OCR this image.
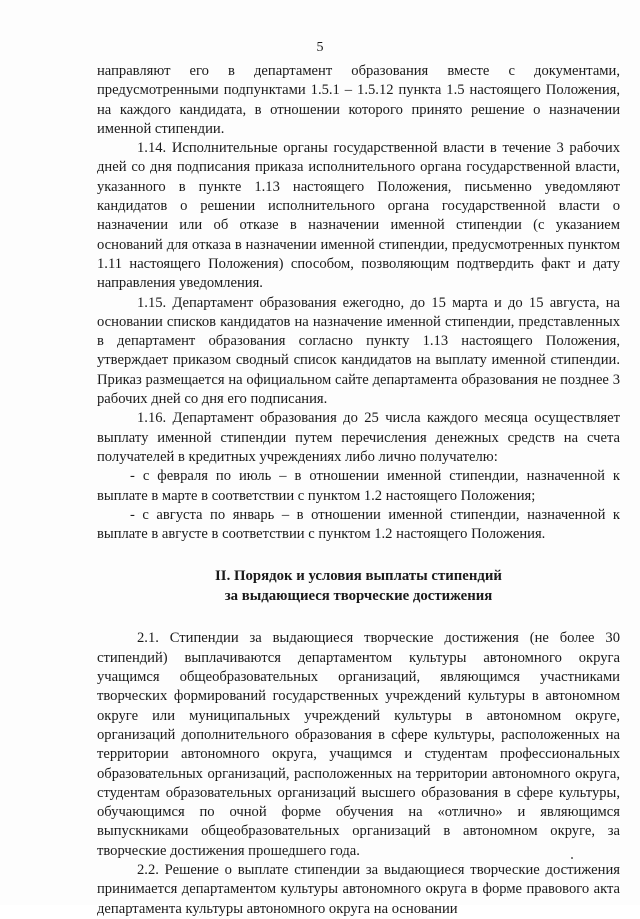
5

направляют его в департамент образования вместе с документами, предусмотренными подпунктами 1.5.1 – 1.5.12 пункта 1.5 настоящего Положения, на каждого кандидата, в отношении которого принято решение о назначении именной стипендии.

1.14. Исполнительные органы государственной власти в течение 3 рабочих дней со дня подписания приказа исполнительного органа государственной власти, указанного в пункте 1.13 настоящего Положения, письменно уведомляют кандидатов о решении исполнительного органа государственной власти о назначении или об отказе в назначении именной стипендии (с указанием оснований для отказа в назначении именной стипендии, предусмотренных пунктом 1.11 настоящего Положения) способом, позволяющим подтвердить факт и дату направления уведомления.

1.15. Департамент образования ежегодно, до 15 марта и до 15 августа, на основании списков кандидатов на назначение именной стипендии, представленных в департамент образования согласно пункту 1.13 настоящего Положения, утверждает приказом сводный список кандидатов на выплату именной стипендии. Приказ размещается на официальном сайте департамента образования не позднее 3 рабочих дней со дня его подписания.

1.16. Департамент образования до 25 числа каждого месяца осуществляет выплату именной стипендии путем перечисления денежных средств на счета получателей в кредитных учреждениях либо лично получателю:

- с февраля по июль – в отношении именной стипендии, назначенной к выплате в марте в соответствии с пунктом 1.2 настоящего Положения;

- с августа по январь – в отношении именной стипендии, назначенной к выплате в августе в соответствии с пунктом 1.2 настоящего Положения.

II. Порядок и условия выплаты стипендий
за выдающиеся творческие достижения

2.1. Стипендии за выдающиеся творческие достижения (не более 30 стипендий) выплачиваются департаментом культуры автономного округа учащимся общеобразовательных организаций, являющимся участниками творческих формирований государственных учреждений культуры в автономном округе или муниципальных учреждений культуры в автономном округе, организаций дополнительного образования в сфере культуры, расположенных на территории автономного округа, учащимся и студентам профессиональных образовательных организаций, расположенных на территории автономного округа, студентам образовательных организаций высшего образования в сфере культуры, обучающимся по очной форме обучения на «отлично» и являющимся выпускниками общеобразовательных организаций в автономном округе, за творческие достижения прошедшего года.

2.2. Решение о выплате стипендии за выдающиеся творческие достижения принимается департаментом культуры автономного округа в форме правового акта департамента культуры автономного округа на основании
